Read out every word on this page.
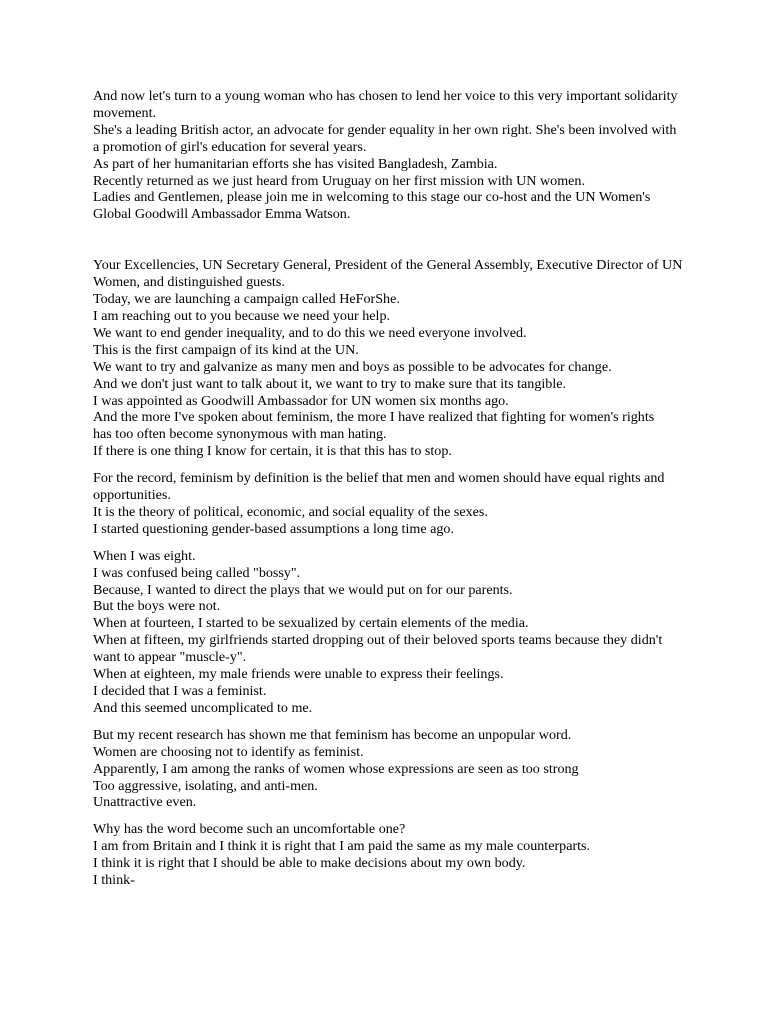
And now let's turn to a young woman who has chosen to lend her voice to this very important solidarity movement.

She's a leading British actor, an advocate for gender equality in her own right. She's been involved with a promotion of girl's education for several years.

As part of her humanitarian efforts she has visited Bangladesh, Zambia.

Recently returned as we just heard from Uruguay on her first mission with UN women.

Ladies and Gentlemen, please join me in welcoming to this stage our co-host and the UN Women's Global Goodwill Ambassador Emma Watson.

Your Excellencies, UN Secretary General, President of the General Assembly, Executive Director of UN Women, and distinguished guests.

Today, we are launching a campaign called HeForShe.

I am reaching out to you because we need your help.

We want to end gender inequality, and to do this we need everyone involved.

This is the first campaign of its kind at the UN.

We want to try and galvanize as many men and boys as possible to be advocates for change.

And we don't just want to talk about it, we want to try to make sure that its tangible.

I was appointed as Goodwill Ambassador for UN women six months ago.

And the more I've spoken about feminism, the more I have realized that fighting for women's rights

has too often become synonymous with man hating.

If there is one thing I know for certain, it is that this has to stop.

For the record, feminism by definition is the belief that men and women should have equal rights and opportunities.

It is the theory of political, economic, and social equality of the sexes.

I started questioning gender-based assumptions a long time ago.

When I was eight.

I was confused being called "bossy".

Because, I wanted to direct the plays that we would put on for our parents.

But the boys were not.

When at fourteen, I started to be sexualized by certain elements of the media.

When at fifteen, my girlfriends started dropping out of their beloved sports teams because they didn't want to appear "muscle-y".

When at eighteen, my male friends were unable to express their feelings.

I decided that I was a feminist.

And this seemed uncomplicated to me.

But my recent research has shown me that feminism has become an unpopular word.

Women are choosing not to identify as feminist.

Apparently, I am among the ranks of women whose expressions are seen as too strong

Too aggressive, isolating, and anti-men.

Unattractive even.

Why has the word become such an uncomfortable one?

I am from Britain and I think it is right that I am paid the same as my male counterparts.

I think it is right that I should be able to make decisions about my own body.

I think-
